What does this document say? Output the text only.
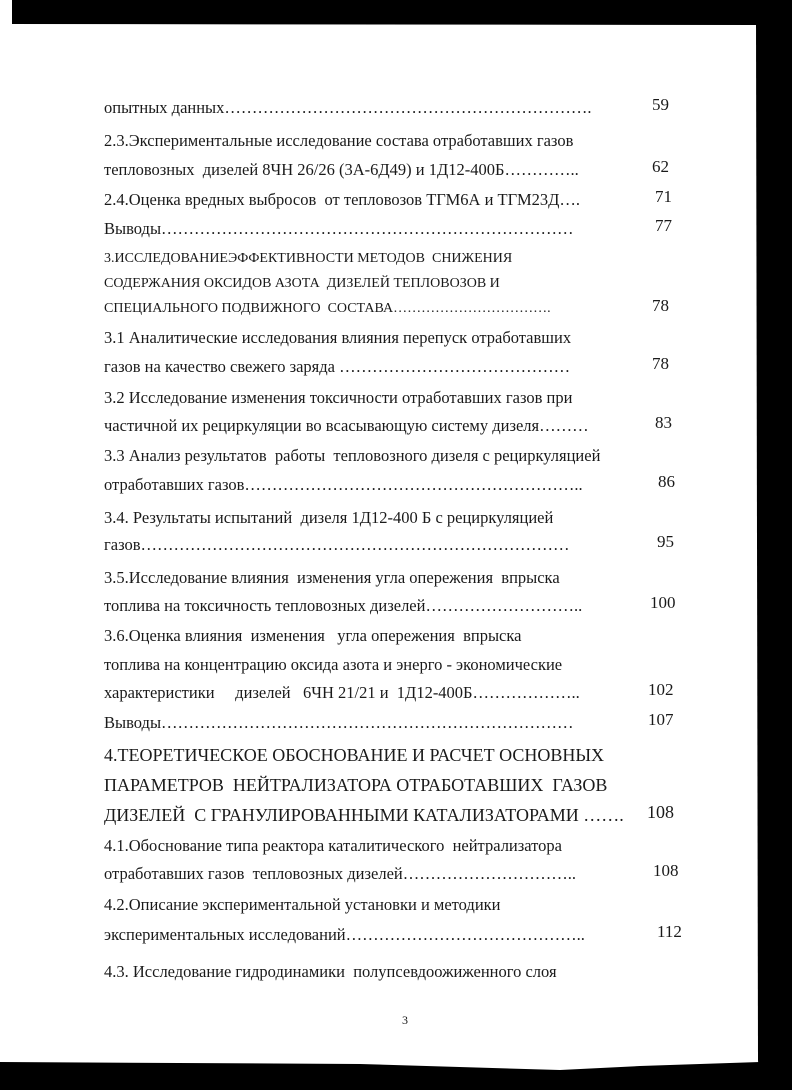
опытных данных………………………………………………………….	59
2.3.Экспериментальные исследование состава отработавших газов
тепловозных  дизелей 8ЧН 26/26 (3А-6Д49) и 1Д12-400Б…………..	62
2.4.Оценка вредных выбросов  от тепловозов ТГМ6А и ТГМ23Д….	71
Выводы…………………………………………………………………	77
3.ИССЛЕДОВАНИЕЭФФЕКТИВНОСТИ МЕТОДОВ  СНИЖЕНИЯ
СОДЕРЖАНИЯ ОКСИДОВ АЗОТА  ДИЗЕЛЕЙ ТЕПЛОВОЗОВ И
СПЕЦИАЛЬНОГО ПОДВИЖНОГО  СОСТАВА…………………………….	78
3.1 Аналитические исследования влияния перепуск отработавших
газов на качество свежего заряда ……………………………………	78
3.2 Исследование изменения токсичности отработавших газов при
частичной их рециркуляции во всасывающую систему дизеля………	83
3.3 Анализ результатов  работы  тепловозного дизеля с рециркуляцией
отработавших газов……………………………………………………..	86
3.4. Результаты испытаний  дизеля 1Д12-400 Б с рециркуляцией
газов……………………………………………………………………	95
3.5.Исследование влияния  изменения угла опережения  впрыска
топлива на токсичность тепловозных дизелей………………………..	100
3.6.Оценка влияния  изменения   угла опережения  впрыска
топлива на концентрацию оксида азота и энерго - экономические
характеристики     дизелей   6ЧН 21/21 и  1Д12-400Б………………..	102
Выводы…………………………………………………………………	107
4.ТЕОРЕТИЧЕСКОЕ ОБОСНОВАНИЕ И РАСЧЕТ ОСНОВНЫХ
ПАРАМЕТРОВ  НЕЙТРАЛИЗАТОРА ОТРАБОТАВШИХ  ГАЗОВ
ДИЗЕЛЕЙ  С ГРАНУЛИРОВАННЫМИ КАТАЛИЗАТОРАМИ ……. 108
4.1.Обоснование типа реактора каталитического  нейтрализатора
отработавших газов  тепловозных дизелей…………………………..	108
4.2.Описание экспериментальной установки и методики
экспериментальных исследований……………………………………..	112
4.3. Исследование гидродинамики  полупсевдоожиженного слоя
3
